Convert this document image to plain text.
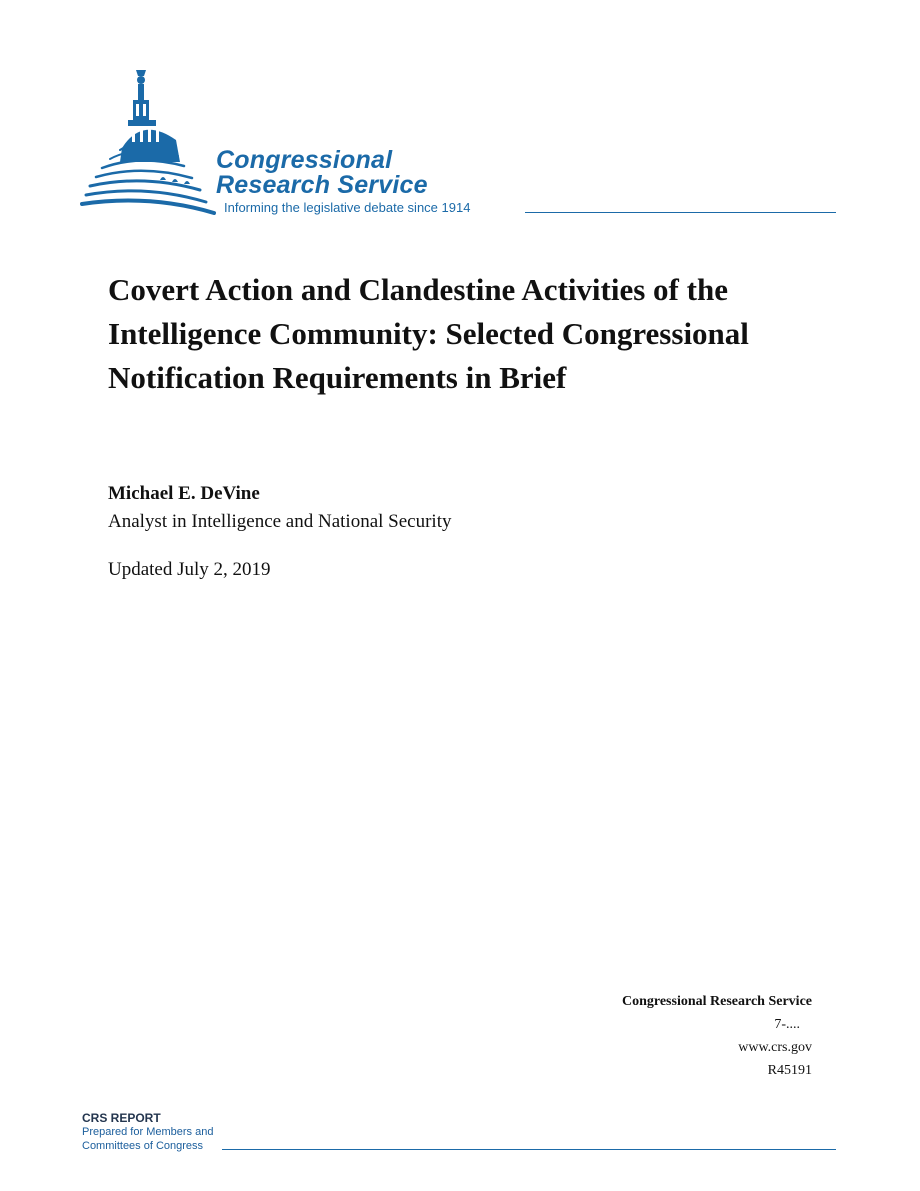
Congressional
Research Service
Informing the legislative debate since 1914
Covert Action and Clandestine Activities of the Intelligence Community: Selected Congressional Notification Requirements in Brief
Michael E. DeVine
Analyst in Intelligence and National Security
Updated July 2, 2019
Congressional Research Service
7-....
www.crs.gov
R45191
CRS REPORT
Prepared for Members and
Committees of Congress
